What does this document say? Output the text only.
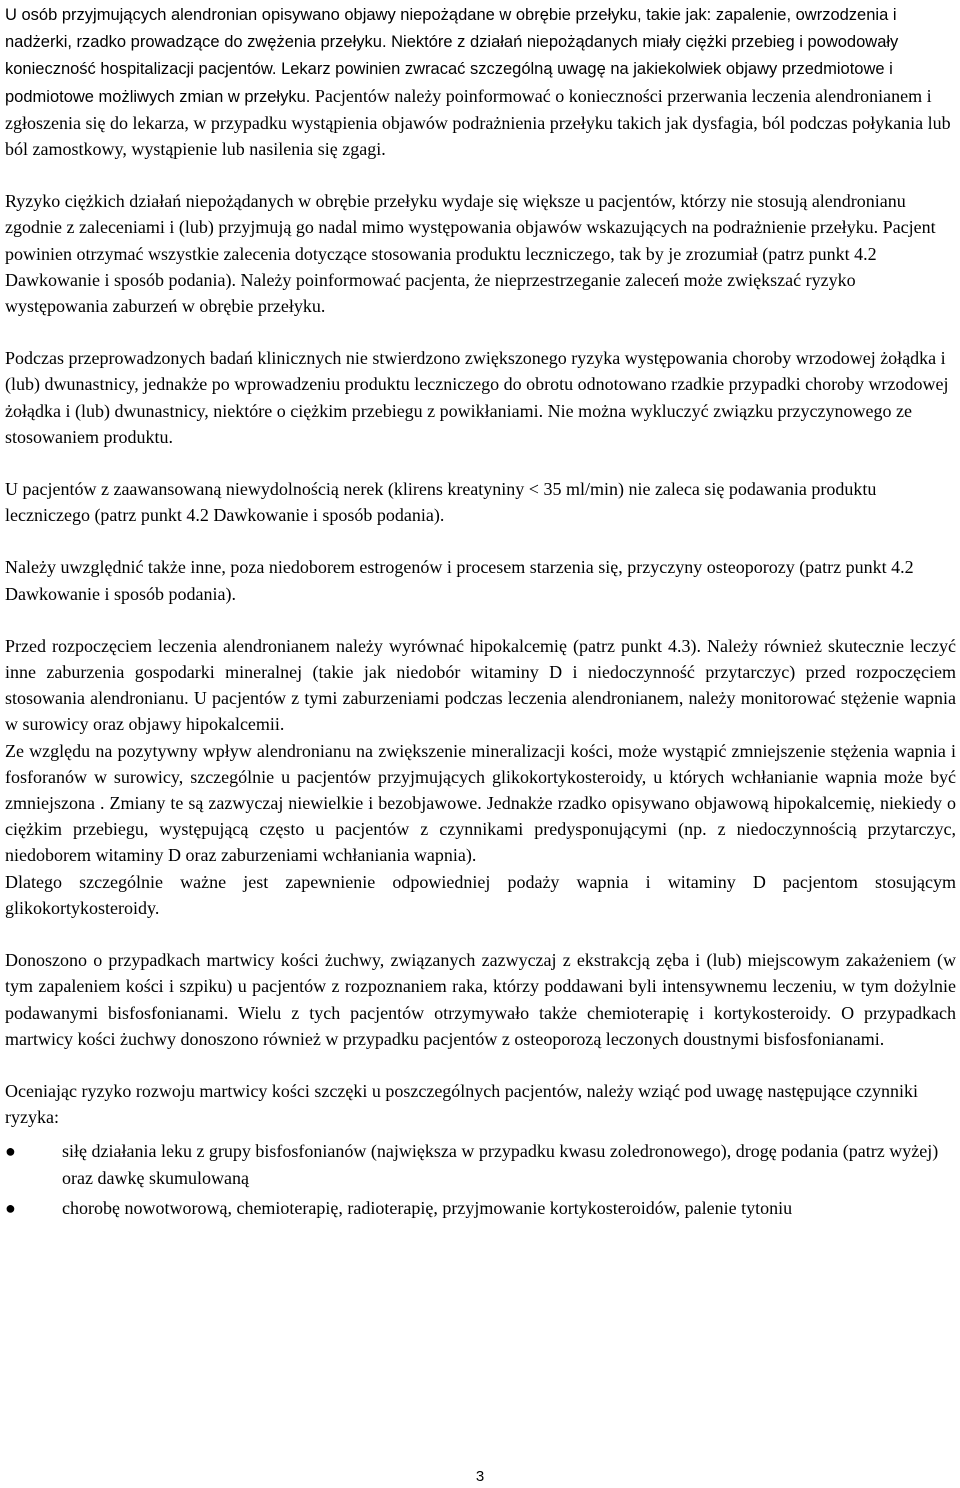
U osób przyjmujących alendronian opisywano objawy niepożądane w obrębie przełyku, takie jak: zapalenie, owrzodzenia i nadżerki, rzadko prowadzące do zwężenia przełyku. Niektóre z działań niepożądanych miały ciężki przebieg i powodowały konieczność hospitalizacji pacjentów. Lekarz powinien zwracać szczególną uwagę na jakiekolwiek objawy przedmiotowe i podmiotowe możliwych zmian w przełyku. Pacjentów należy poinformować o konieczności przerwania leczenia alendronianem i zgłoszenia się do lekarza, w przypadku wystąpienia objawów podrażnienia przełyku takich jak dysfagia, ból podczas połykania lub ból zamostkowy, wystąpienie lub nasilenia się zgagi.

Ryzyko ciężkich działań niepożądanych w obrębie przełyku wydaje się większe u pacjentów, którzy nie stosują alendronianu zgodnie z zaleceniami i (lub) przyjmują go nadal mimo występowania objawów wskazujących na podrażnienie przełyku. Pacjent powinien otrzymać wszystkie zalecenia dotyczące stosowania produktu leczniczego, tak by je zrozumiał (patrz punkt 4.2 Dawkowanie i sposób podania). Należy poinformować pacjenta, że nieprzestrzeganie zaleceń może zwiększać ryzyko występowania zaburzeń w obrębie przełyku.

Podczas przeprowadzonych badań klinicznych nie stwierdzono zwiększonego ryzyka występowania choroby wrzodowej żołądka i (lub) dwunastnicy, jednakże po wprowadzeniu produktu leczniczego do obrotu odnotowano rzadkie przypadki choroby wrzodowej żołądka i (lub) dwunastnicy, niektóre o ciężkim przebiegu z powikłaniami. Nie można wykluczyć związku przyczynowego ze stosowaniem produktu.

U pacjentów z zaawansowaną niewydolnością nerek (klirens kreatyniny < 35 ml/min) nie zaleca się podawania produktu leczniczego (patrz punkt 4.2 Dawkowanie i sposób podania).

Należy uwzględnić także inne, poza niedoborem estrogenów i procesem starzenia się, przyczyny osteoporozy (patrz punkt 4.2 Dawkowanie i sposób podania).

Przed rozpoczęciem leczenia alendronianem należy wyrównać hipokalcemię (patrz punkt 4.3). Należy również skutecznie leczyć inne zaburzenia gospodarki mineralnej (takie jak niedobór witaminy D i niedoczynność przytarczyc) przed rozpoczęciem stosowania alendronianu. U pacjentów z tymi zaburzeniami podczas leczenia alendronianem, należy monitorować stężenie wapnia w surowicy oraz objawy hipokalcemii.

Ze względu na pozytywny wpływ alendronianu na zwiększenie mineralizacji kości, może wystąpić zmniejszenie stężenia wapnia i fosforanów w surowicy, szczególnie u pacjentów przyjmujących glikokortykosteroidy, u których wchłanianie wapnia może być zmniejszona . Zmiany te są zazwyczaj niewielkie i bezobjawowe. Jednakże rzadko opisywano objawową hipokalcemię, niekiedy o ciężkim przebiegu, występującą często u pacjentów z czynnikami predysponującymi (np. z niedoczynnością przytarczyc, niedoborem witaminy D oraz zaburzeniami wchłaniania wapnia).

Dlatego szczególnie ważne jest zapewnienie odpowiedniej podaży wapnia i witaminy D pacjentom stosującym glikokortykosteroidy.

Donoszono o przypadkach martwicy kości żuchwy, związanych zazwyczaj z ekstrakcją zęba i (lub) miejscowym zakażeniem (w tym zapaleniem kości i szpiku) u pacjentów z rozpoznaniem raka, którzy poddawani byli intensywnemu leczeniu, w tym dożylnie podawanymi bisfosfonianami. Wielu z tych pacjentów otrzymywało także chemioterapię i kortykosteroidy. O przypadkach martwicy kości żuchwy donoszono również w przypadku pacjentów z osteoporozą leczonych doustnymi bisfosfonianami.

Oceniając ryzyko rozwoju martwicy kości szczęki u poszczególnych pacjentów, należy wziąć pod uwagę następujące czynniki ryzyka:

●	siłę działania leku z grupy bisfosfonianów (największa w przypadku kwasu zoledronowego), drogę podania (patrz wyżej) oraz dawkę skumulowaną
●	chorobę nowotworową, chemioterapię, radioterapię, przyjmowanie kortykosteroidów, palenie tytoniu
3
